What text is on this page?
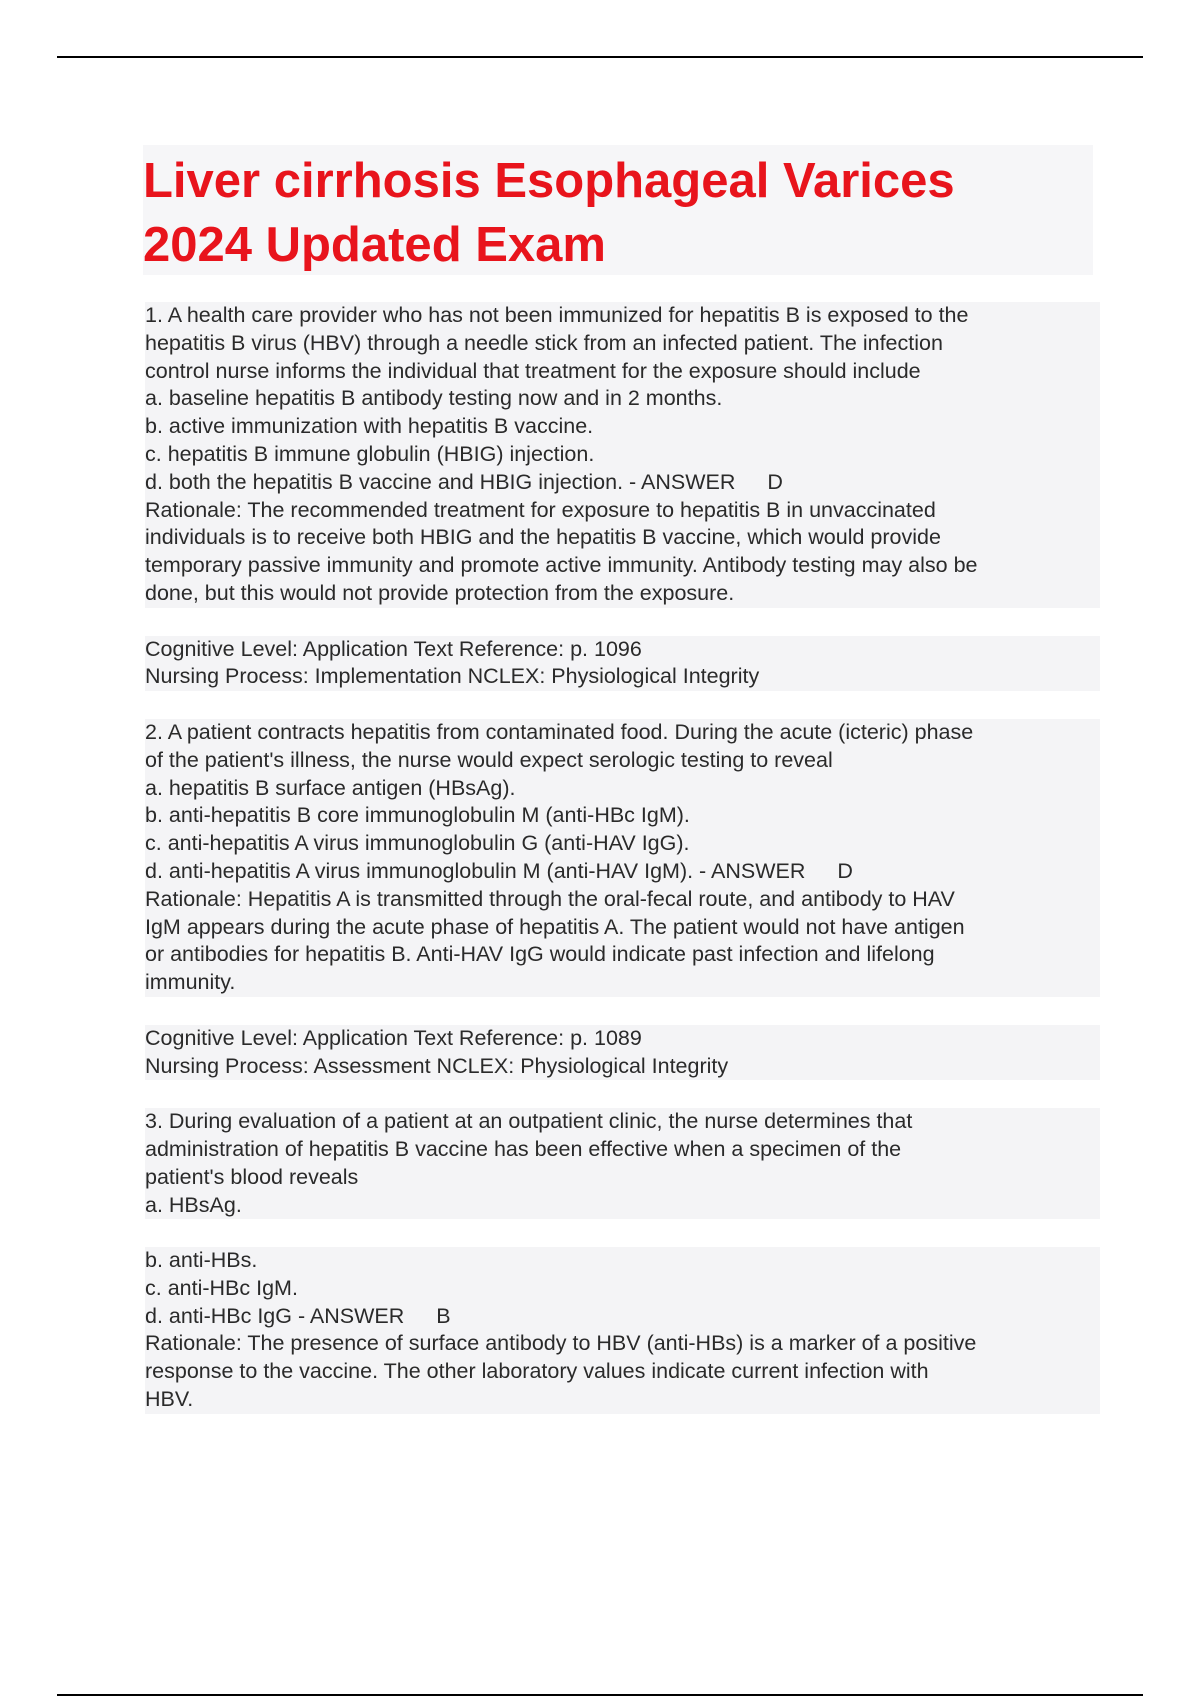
Liver cirrhosis Esophageal Varices
2024 Updated Exam
1. A health care provider who has not been immunized for hepatitis B is exposed to the
hepatitis B virus (HBV) through a needle stick from an infected patient. The infection
control nurse informs the individual that treatment for the exposure should include
a. baseline hepatitis B antibody testing now and in 2 months.
b. active immunization with hepatitis B vaccine.
c. hepatitis B immune globulin (HBIG) injection.
d. both the hepatitis B vaccine and HBIG injection. - ANSWER D
Rationale: The recommended treatment for exposure to hepatitis B in unvaccinated
individuals is to receive both HBIG and the hepatitis B vaccine, which would provide
temporary passive immunity and promote active immunity. Antibody testing may also be
done, but this would not provide protection from the exposure.
Cognitive Level: Application Text Reference: p. 1096
Nursing Process: Implementation NCLEX: Physiological Integrity
2. A patient contracts hepatitis from contaminated food. During the acute (icteric) phase
of the patient's illness, the nurse would expect serologic testing to reveal
a. hepatitis B surface antigen (HBsAg).
b. anti-hepatitis B core immunoglobulin M (anti-HBc IgM).
c. anti-hepatitis A virus immunoglobulin G (anti-HAV IgG).
d. anti-hepatitis A virus immunoglobulin M (anti-HAV IgM). - ANSWER D
Rationale: Hepatitis A is transmitted through the oral-fecal route, and antibody to HAV
IgM appears during the acute phase of hepatitis A. The patient would not have antigen
or antibodies for hepatitis B. Anti-HAV IgG would indicate past infection and lifelong
immunity.
Cognitive Level: Application Text Reference: p. 1089
Nursing Process: Assessment NCLEX: Physiological Integrity
3. During evaluation of a patient at an outpatient clinic, the nurse determines that
administration of hepatitis B vaccine has been effective when a specimen of the
patient's blood reveals
a. HBsAg.
b. anti-HBs.
c. anti-HBc IgM.
d. anti-HBc IgG - ANSWER B
Rationale: The presence of surface antibody to HBV (anti-HBs) is a marker of a positive
response to the vaccine. The other laboratory values indicate current infection with
HBV.
